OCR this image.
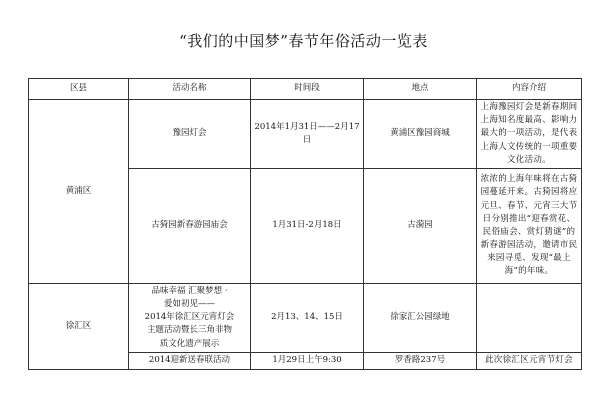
“我们的中国梦”春节年俗活动一览表
区县	活动名称	时间段	地点	内容介绍
黄浦区	豫园灯会	2014年1月31日——2月17日	黄浦区豫园商城	上海豫园灯会是新春期间上海知名度最高、影响力最大的一项活动，是代表上海人文传统的一项重要文化活动。
	古猗园新春游园庙会	1月31日-2月18日	古漪园	浓浓的上海年味将在古猗园蔓延开来。古猗园将应元旦、春节、元宵三大节日分别推出“迎春赏花、民俗庙会、赏灯猜谜”的新春游园活动，邀请市民来园寻觅、发现“最上海”的年味。
徐汇区	品味幸福 汇聚梦想 ·
爱如初见——
2014年徐汇区元宵灯会
主题活动暨长三角非物
质文化遗产展示	2月13、14、15日	徐家汇公园绿地	
	2014迎新送春联活动	1月29日上午9:30	罗香路237号	此次徐汇区元宵节灯会
